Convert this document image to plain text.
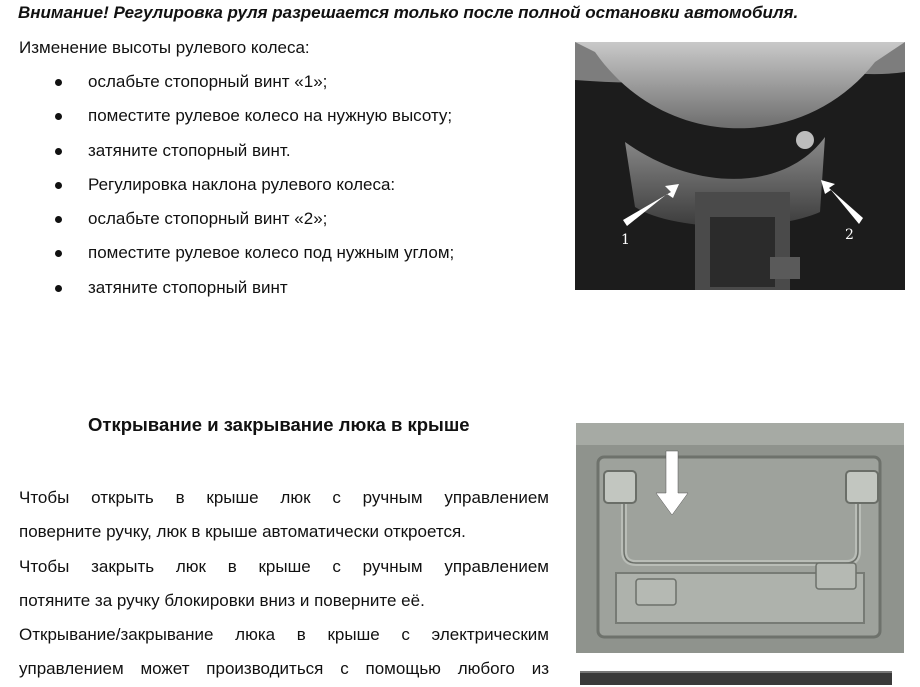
Внимание! Регулировка руля разрешается только после полной остановки автомобиля.

Изменение высоты рулевого колеса:

ослабьте стопорный винт «1»;
поместите рулевое колесо на нужную высоту;
затяните стопорный винт.
Регулировка наклона рулевого колеса:
ослабьте стопорный винт «2»;
поместите рулевое колесо под нужным углом;
затяните стопорный винт
1	2
Открывание и закрывание люка в крыше
Чтобы открыть в крыше люк с ручным управлением
поверните ручку, люк в крыше автоматически откроется.
Чтобы закрыть люк в крыше с ручным управлением
потяните за ручку блокировки вниз и поверните её.
Открывание/закрывание люка в крыше с электрическим
управлением может производиться с помощью любого из
